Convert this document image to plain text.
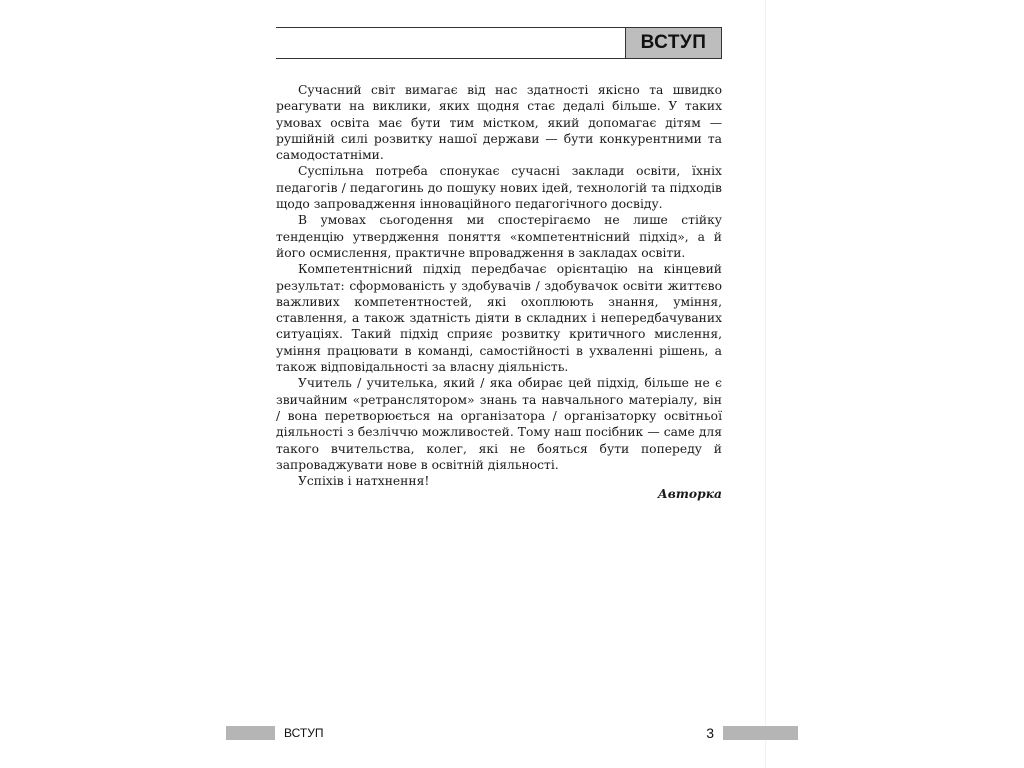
ВСТУП

Сучасний світ вимагає від нас здатності якісно та швидко реагувати на виклики, яких щодня стає дедалі більше. У таких умовах освіта має бути тим містком, який допомагає дітям — рушійній силі розвитку нашої держави — бути конкурентними та самодостатніми.

Суспільна потреба спонукає сучасні заклади освіти, їхніх педагогів / педагогинь до пошуку нових ідей, технологій та підходів щодо запровадження інноваційного педагогічного досвіду.

В умовах сьогодення ми спостерігаємо не лише стійку тенденцію утвердження поняття «компетентнісний підхід», а й його осмислення, практичне впровадження в закладах освіти.

Компетентнісний підхід передбачає орієнтацію на кінцевий результат: сформованість у здобувачів / здобувачок освіти життєво важливих компетентностей, які охоплюють знання, уміння, ставлення, а також здатність діяти в складних і непередбачуваних ситуаціях. Такий підхід сприяє розвитку критичного мислення, уміння працювати в команді, самостійності в ухваленні рішень, а також відповідальності за власну діяльність.

Учитель / учителька, який / яка обирає цей підхід, більше не є звичайним «ретранслятором» знань та навчального матеріалу, він / вона перетворюється на організатора / організаторку освітньої діяльності з безліччю можливостей. Тому наш посібник — саме для такого вчительства, колег, які не бояться бути попереду й запроваджувати нове в освітній діяльності.

Успіхів і натхнення!

Авторка
ВСТУП	3
